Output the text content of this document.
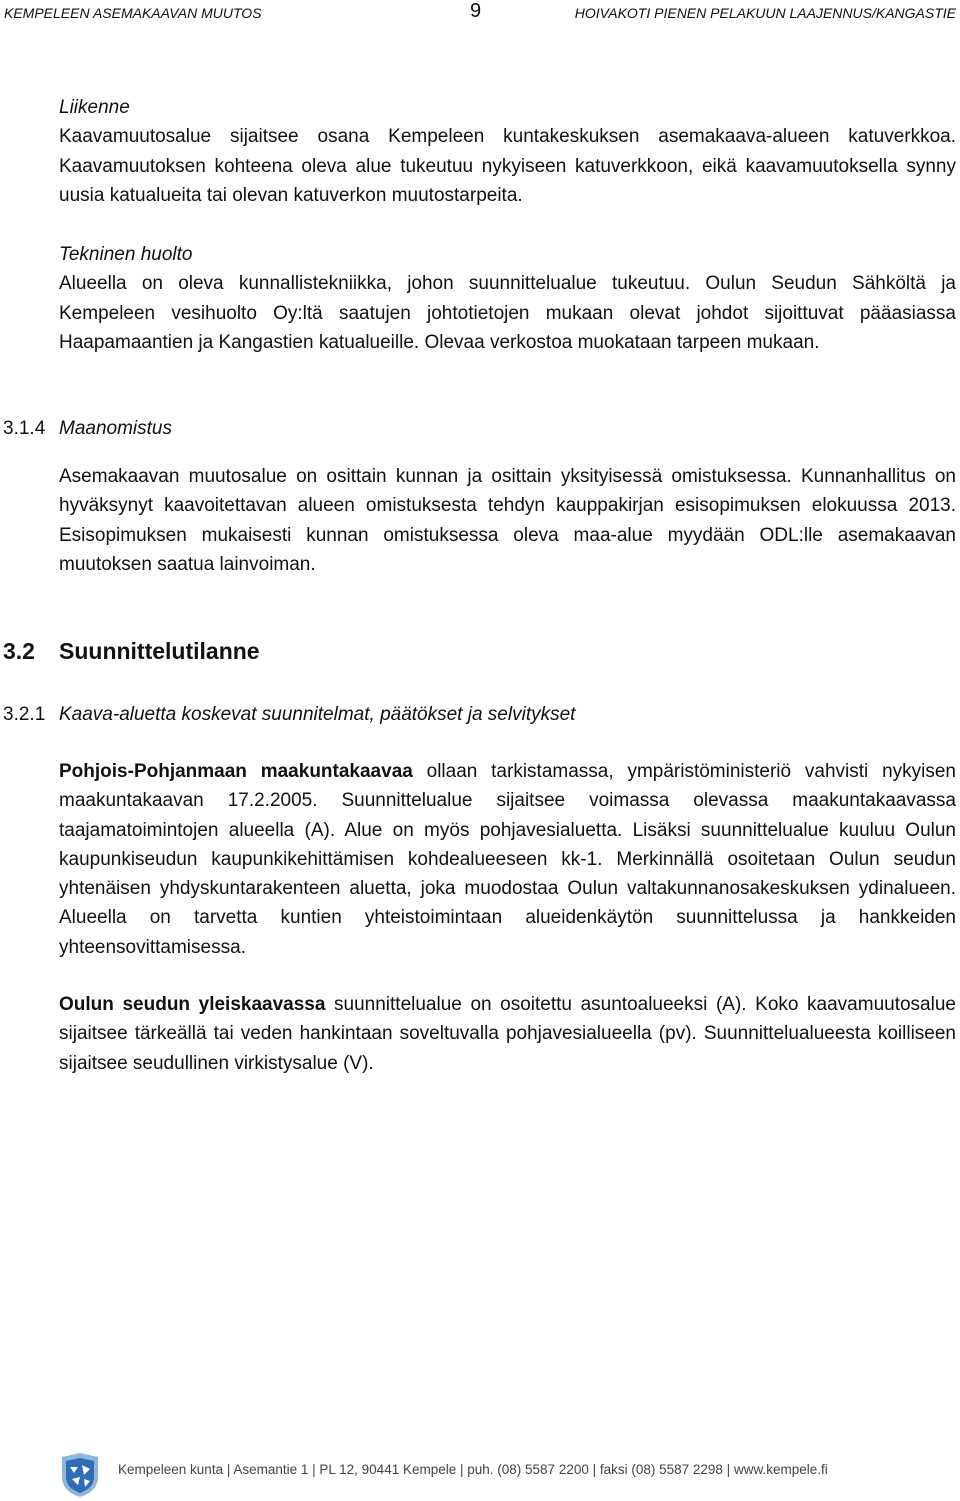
KEMPELEEN ASEMAKAAVAN MUUTOS	9	HOIVAKOTI PIENEN PELAKUUN LAAJENNUS/KANGASTIE
Liikenne

Kaavamuutosalue sijaitsee osana Kempeleen kuntakeskuksen asemakaava-alueen katuverkkoa. Kaavamuutoksen kohteena oleva alue tukeutuu nykyiseen katuverkkoon, eikä kaavamuutoksella synny uusia katualueita tai olevan katuverkon muutostarpeita.

Tekninen huolto

Alueella on oleva kunnallistekniikka, johon suunnittelualue tukeutuu. Oulun Seudun Sähköltä ja Kempeleen vesihuolto Oy:ltä saatujen johtotietojen mukaan olevat johdot sijoittuvat pääasiassa Haapamaantien ja Kangastien katualueille. Olevaa verkostoa muokataan tarpeen mukaan.

3.1.4 Maanomistus

Asemakaavan muutosalue on osittain kunnan ja osittain yksityisessä omistuksessa. Kunnanhallitus on hyväksynyt kaavoitettavan alueen omistuksesta tehdyn kauppakirjan esisopimuksen elokuussa 2013. Esisopimuksen mukaisesti kunnan omistuksessa oleva maa-alue myydään ODL:lle asemakaavan muutoksen saatua lainvoiman.

3.2 Suunnittelutilanne
3.2.1 Kaava-aluetta koskevat suunnitelmat, päätökset ja selvitykset

Pohjois-Pohjanmaan maakuntakaavaa ollaan tarkistamassa, ympäristöministeriö vahvisti nykyisen maakuntakaavan 17.2.2005. Suunnittelualue sijaitsee voimassa olevassa maakuntakaavassa taajamatoimintojen alueella (A). Alue on myös pohjavesialuetta. Lisäksi suunnittelualue kuuluu Oulun kaupunkiseudun kaupunkikehittämisen kohdealueeseen kk-1. Merkinnällä osoitetaan Oulun seudun yhtenäisen yhdyskuntarakenteen aluetta, joka muodostaa Oulun valtakunnanosakeskuksen ydinalueen. Alueella on tarvetta kuntien yhteistoimintaan alueidenkäytön suunnittelussa ja hankkeiden yhteensovittamisessa.

Oulun seudun yleiskaavassa suunnittelualue on osoitettu asuntoalueeksi (A). Koko kaavamuutosalue sijaitsee tärkeällä tai veden hankintaan soveltuvalla pohjavesialueella (pv). Suunnittelualueesta koilliseen sijaitsee seudullinen virkistysalue (V).

Kempeleen kunta | Asemantie 1 | PL 12, 90441 Kempele | puh. (08) 5587 2200 | faksi (08) 5587 2298 | www.kempele.fi
